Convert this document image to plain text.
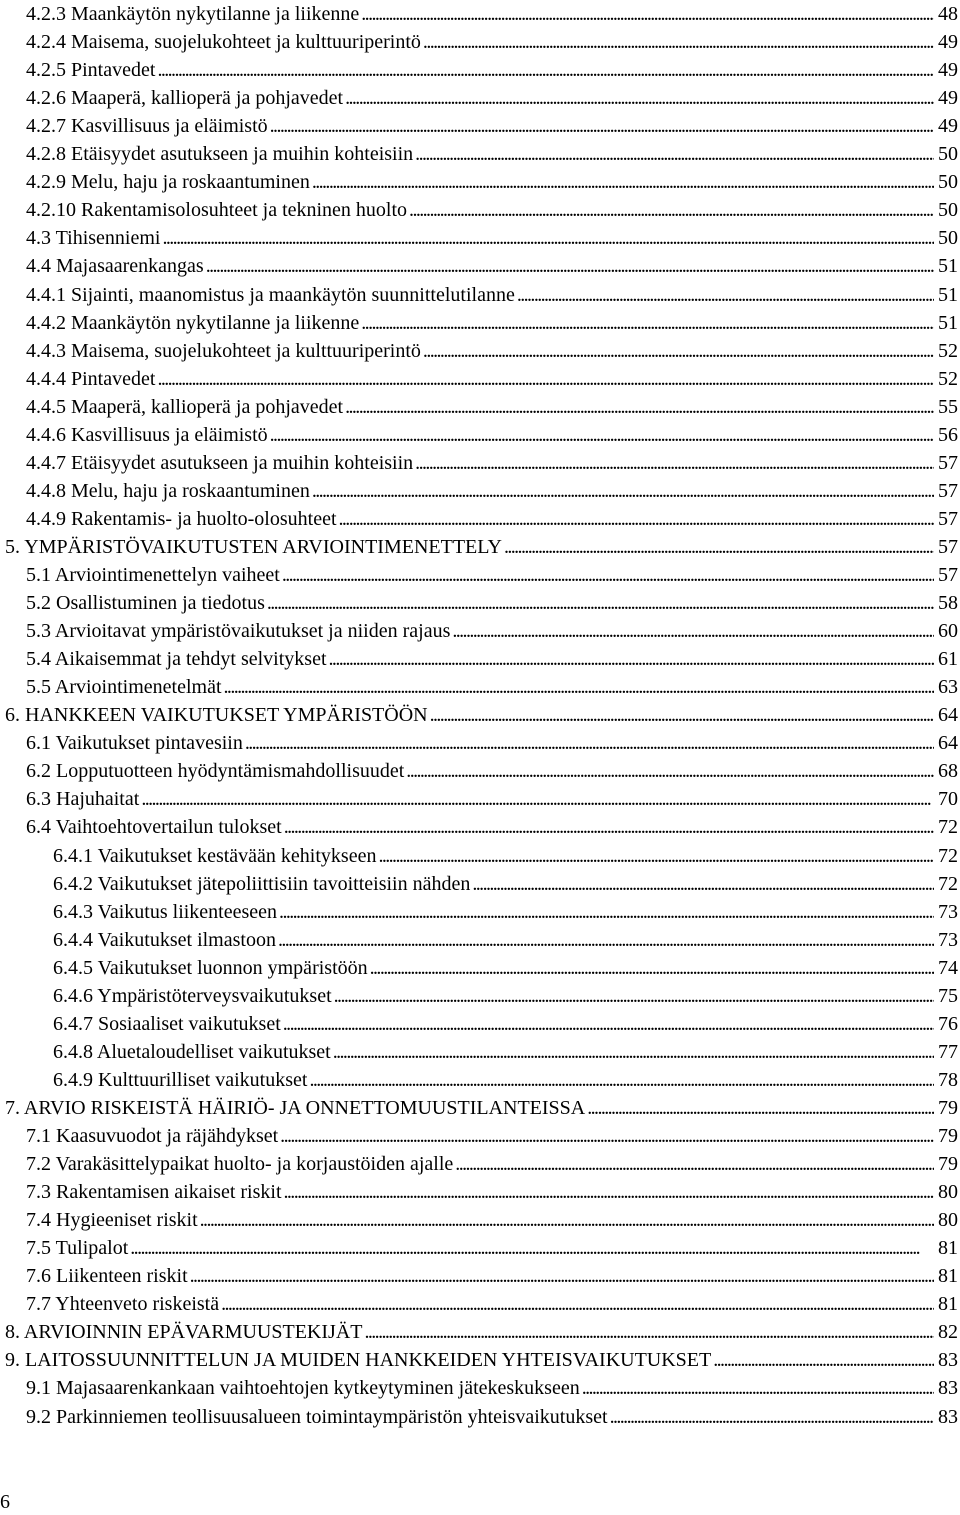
4.2.3 Maankäytön nykytilanne ja liikenne . . .	48
4.2.4 Maisema, suojelukohteet ja kulttuuriperintö . . .	49
4.2.5 Pintavedet . . .	49
4.2.6 Maaperä, kallioperä ja pohjavedet . . .	49
4.2.7 Kasvillisuus ja eläimistö . . .	49
4.2.8 Etäisyydet asutukseen ja muihin kohteisiin . . .	50
4.2.9 Melu, haju ja roskaantuminen . . .	50
4.2.10 Rakentamisolosuhteet ja tekninen huolto . . .	50
4.3 Tihisenniemi . . .	50
4.4 Majasaarenkangas . . .	51
4.4.1 Sijainti, maanomistus ja maankäytön suunnittelutilanne . . .	51
4.4.2 Maankäytön nykytilanne ja liikenne . . .	51
4.4.3 Maisema, suojelukohteet ja kulttuuriperintö . . .	52
4.4.4 Pintavedet . . .	52
4.4.5 Maaperä, kallioperä ja pohjavedet . . .	55
4.4.6 Kasvillisuus ja eläimistö . . .	56
4.4.7 Etäisyydet asutukseen ja muihin kohteisiin . . .	57
4.4.8 Melu, haju ja roskaantuminen . . .	57
4.4.9 Rakentamis- ja huolto-olosuhteet . . .	57
5. YMPÄRISTÖVAIKUTUSTEN ARVIOINTIMENETTELY . . .	57
5.1 Arviointimenettelyn vaiheet . . .	57
5.2 Osallistuminen ja tiedotus . . .	58
5.3 Arvioitavat ympäristövaikutukset ja niiden rajaus . . .	60
5.4 Aikaisemmat ja tehdyt selvitykset . . .	61
5.5 Arviointimenetelmät . . .	63
6. HANKKEEN VAIKUTUKSET YMPÄRISTÖÖN . . .	64
6.1 Vaikutukset pintavesiin . . .	64
6.2 Lopputuotteen hyödyntämismahdollisuudet . . .	68
6.3 Hajuhaitat . . .	70
6.4 Vaihtoehtovertailun tulokset . . .	72
6.4.1 Vaikutukset kestävään kehitykseen . . .	72
6.4.2 Vaikutukset jätepoliittisiin tavoitteisiin nähden . . .	72
6.4.3 Vaikutus liikenteeseen . . .	73
6.4.4 Vaikutukset ilmastoon . . .	73
6.4.5 Vaikutukset luonnon ympäristöön . . .	74
6.4.6 Ympäristöterveysvaikutukset . . .	75
6.4.7 Sosiaaliset vaikutukset . . .	76
6.4.8 Aluetaloudelliset vaikutukset . . .	77
6.4.9 Kulttuurilliset vaikutukset . . .	78
7. ARVIO RISKEISTÄ HÄIRIÖ- JA ONNETTOMUUSTILANTEISSA . . .	79
7.1 Kaasuvuodot ja räjähdykset . . .	79
7.2 Varakäsittelypaikat huolto- ja korjaustöiden ajalle . . .	79
7.3 Rakentamisen aikaiset riskit . . .	80
7.4 Hygieeniset riskit . . .	80
7.5 Tulipalot . . .	81
7.6 Liikenteen riskit . . .	81
7.7 Yhteenveto riskeistä . . .	81
8. ARVIOINNIN EPÄVARMUUSTEKIJÄT . . .	82
9. LAITOSSUUNNITTELUN JA MUIDEN HANKKEIDEN YHTEISVAIKUTUKSET . . .	83
9.1 Majasaarenkankaan vaihtoehtojen kytkeytyminen jätekeskukseen . . .	83
9.2 Parkinniemen teollisuusalueen toimintaympäristön yhteisvaikutukset . . .	83
6
